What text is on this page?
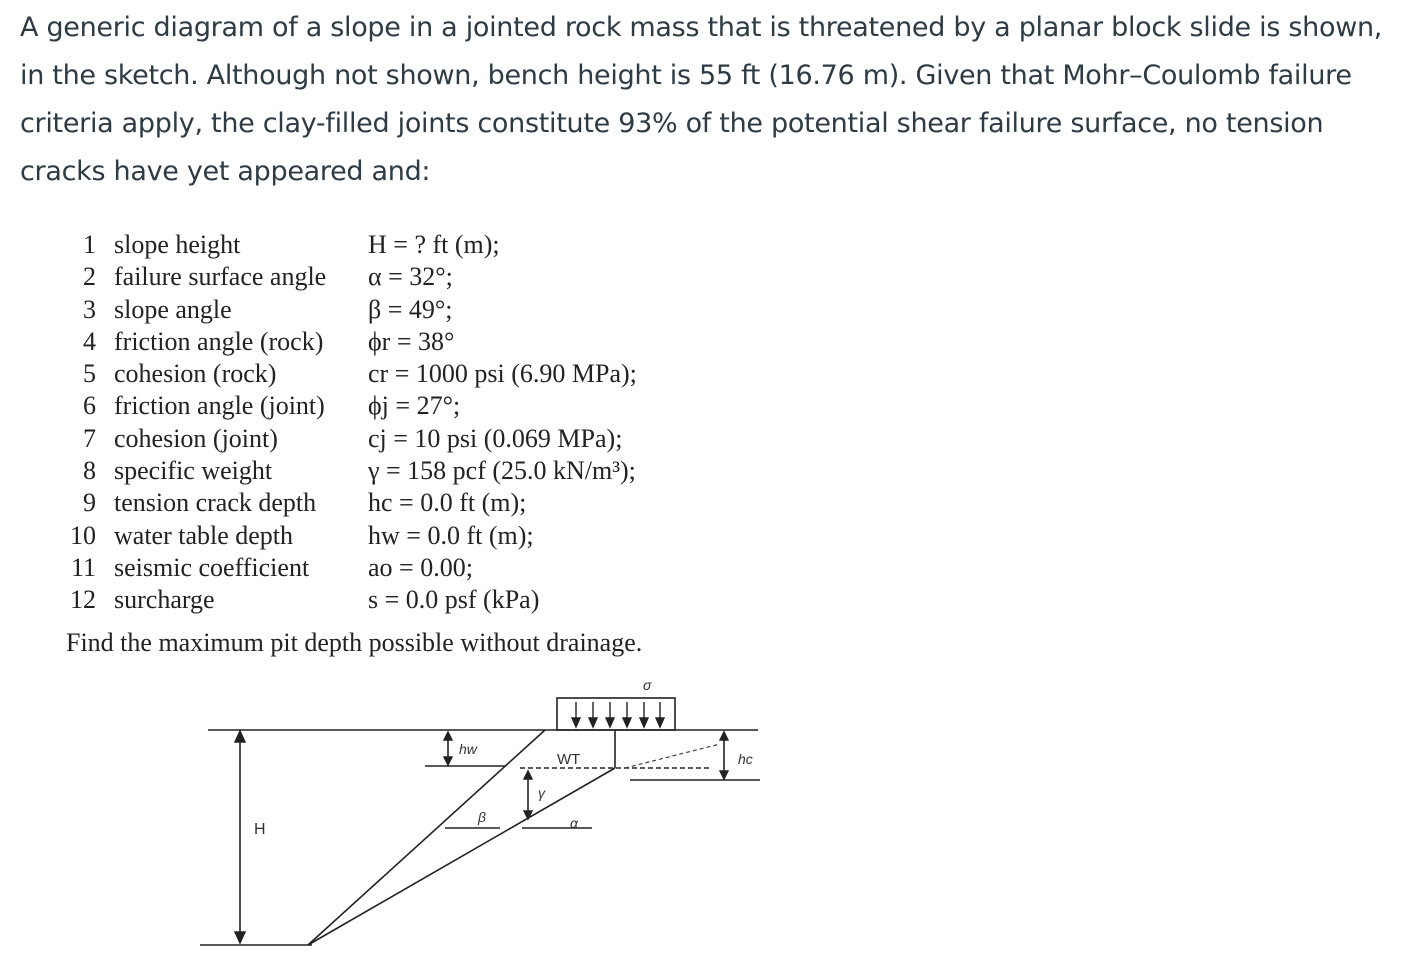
A generic diagram of a slope in a jointed rock mass that is threatened by a planar block slide is shown, in the sketch. Although not shown, bench height is 55 ft (16.76 m). Given that Mohr–Coulomb failure criteria apply, the clay-filled joints constitute 93% of the potential shear failure surface, no tension cracks have yet appeared and:

1 slope height	H = ? ft (m);
2 failure surface angle α = 32°;
3 slope angle	β = 49°;
4 friction angle (rock) ϕr = 38°
5 cohesion (rock)	cr = 1000 psi (6.90 MPa);
6 friction angle (joint) ϕj = 27°;
7 cohesion (joint)	cj = 10 psi (0.069 MPa);
8 specific weight	γ = 158 pcf (25.0 kN/m³);
9 tension crack depth hc = 0.0 ft (m);
10 water table depth	hw = 0.0 ft (m);
11 seismic coefficient ao = 0.00;
12 surcharge	s = 0.0 psf (kPa)
Find the maximum pit depth possible without drainage.
σ
hw
WT	hc
γ
β	α
H
